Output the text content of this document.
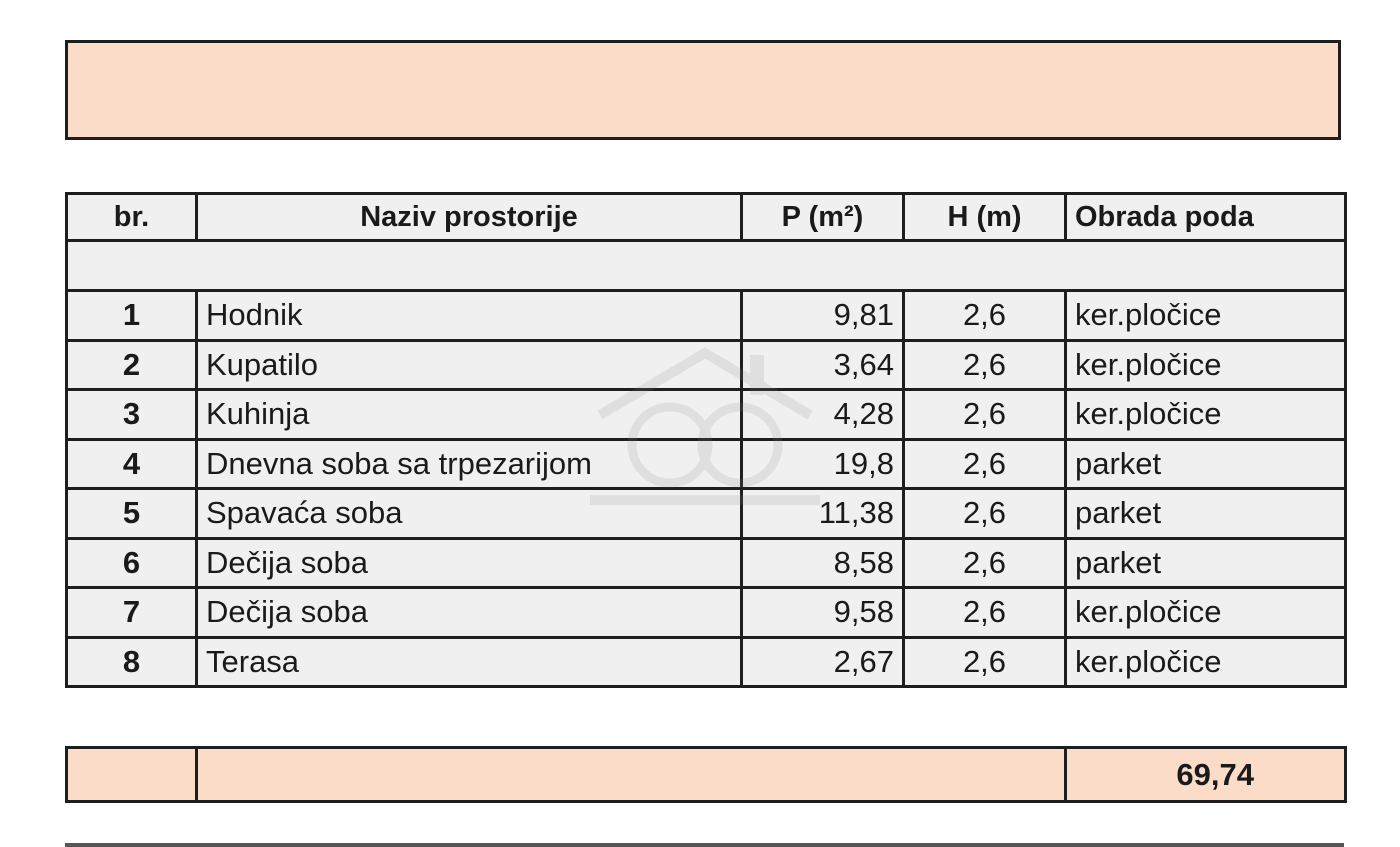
br.	Naziv prostorije	P (m²)	H (m)	Obrada poda

1	Hodnik	9,81	2,6	ker.pločice
2	Kupatilo	3,64	2,6	ker.pločice
3	Kuhinja	4,28	2,6	ker.pločice
4	Dnevna soba sa trpezarijom	19,8	2,6	parket
5	Spavaća soba	11,38	2,6	parket
6	Dečija soba	8,58	2,6	parket
7	Dečija soba	9,58	2,6	ker.pločice
8	Terasa	2,67	2,6	ker.pločice
		69,74
